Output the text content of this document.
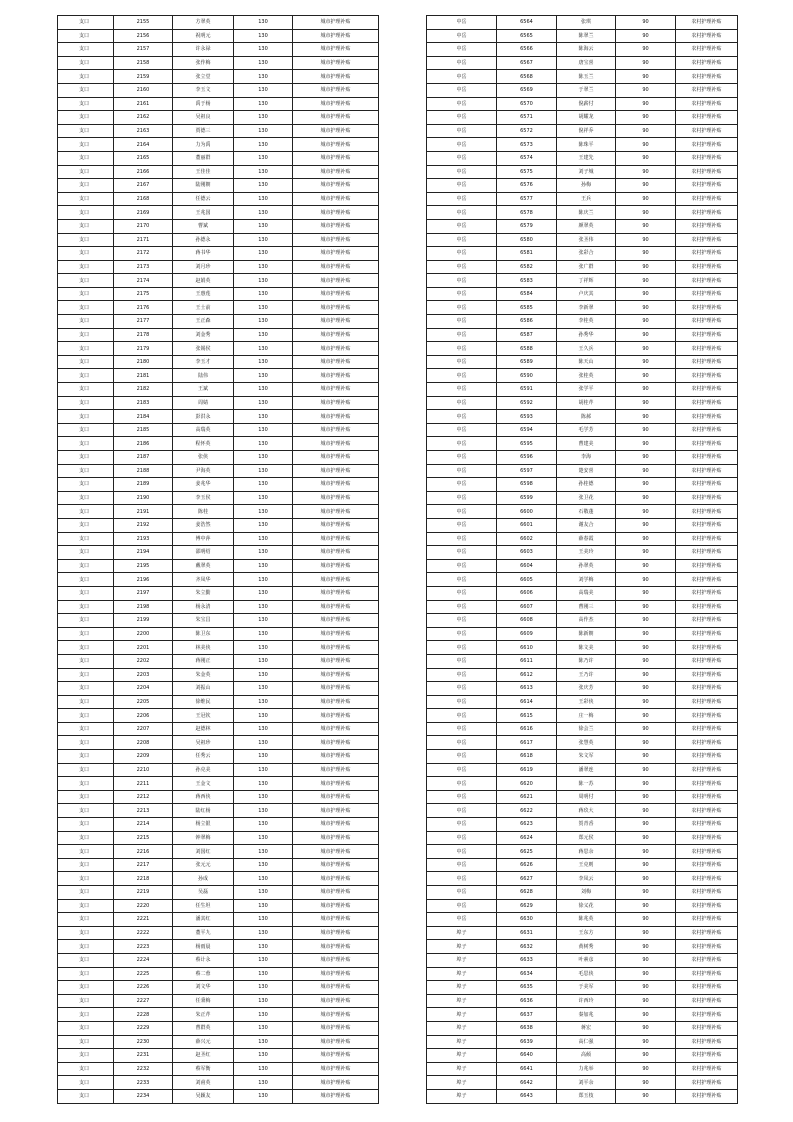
支口	2155	方翠英	130	城市护理补贴
支口	2156	祝明元	130	城市护理补贴
支口	2157	许永禄	130	城市护理补贴
支口	2158	张作梅	130	城市护理补贴
支口	2159	张立堂	130	城市护理补贴
支口	2160	李玉文	130	城市护理补贴
支口	2161	禹于杨	130	城市护理补贴
支口	2162	吴祖良	130	城市护理补贴
支口	2163	贾德三	130	城市护理补贴
支口	2164	力为禹	130	城市护理补贴
支口	2165	董丽群	130	城市护理补贴
支口	2166	王佳佳	130	城市护理补贴
支口	2167	陆刚朝	130	城市护理补贴
支口	2168	任德云	130	城市护理补贴
支口	2169	王兆国	130	城市护理补贴
支口	2170	曹斌	130	城市护理补贴
支口	2171	孙德永	130	城市护理补贴
支口	2172	蒋书华	130	城市护理补贴
支口	2173	刘月珍	130	城市护理补贴
支口	2174	赵娟英	130	城市护理补贴
支口	2175	王惠莲	130	城市护理补贴
支口	2176	王士前	130	城市护理补贴
支口	2177	王正森	130	城市护理补贴
支口	2178	刘金秀	130	城市护理补贴
支口	2179	张锡侯	130	城市护理补贴
支口	2180	李玉才	130	城市护理补贴
支口	2181	陆伟	130	城市护理补贴
支口	2182	王斌	130	城市护理补贴
支口	2183	周婧	130	城市护理补贴
支口	2184	彭洪永	130	城市护理补贴
支口	2185	高瑞英	130	城市护理补贴
支口	2186	程怀英	130	城市护理补贴
支口	2187	张侠	130	城市护理补贴
支口	2188	尹海英	130	城市护理补贴
支口	2189	姜兆华	130	城市护理补贴
支口	2190	李玉侯	130	城市护理补贴
支口	2191	陈桂	130	城市护理补贴
支口	2192	姜浩然	130	城市护理补贴
支口	2193	傅中萍	130	城市护理补贴
支口	2194	邵明绍	130	城市护理补贴
支口	2195	戴翠英	130	城市护理补贴
支口	2196	齐凤华	130	城市护理补贴
支口	2197	朱立勤	130	城市护理补贴
支口	2198	杨永清	130	城市护理补贴
支口	2199	朱宝昌	130	城市护理补贴
支口	2200	陈卫东	130	城市护理补贴
支口	2201	林美侠	130	城市护理补贴
支口	2202	蒋刚正	130	城市护理补贴
支口	2203	朱金英	130	城市护理补贴
支口	2204	刘振山	130	城市护理补贴
支口	2205	徐维民	130	城市护理补贴
支口	2206	王冠钦	130	城市护理补贴
支口	2207	赵德林	130	城市护理补贴
支口	2208	吴祖珍	130	城市护理补贴
支口	2209	任秀云	130	城市护理补贴
支口	2210	孙克美	130	城市护理补贴
支口	2211	王金文	130	城市护理补贴
支口	2212	蒋西侠	130	城市护理补贴
支口	2213	陆红杨	130	城市护理补贴
支口	2214	杨立银	130	城市护理补贴
支口	2215	钟翠梅	130	城市护理补贴
支口	2216	刘国红	130	城市护理补贴
支口	2217	张元元	130	城市护理补贴
支口	2218	孙成	130	城市护理补贴
支口	2219	吴磊	130	城市护理补贴
支口	2220	任生坦	130	城市护理补贴
支口	2221	潘其红	130	城市护理补贴
支口	2222	董平九	130	城市护理补贴
支口	2223	杨雨晨	130	城市护理补贴
支口	2224	蔡计永	130	城市护理补贴
支口	2225	蔡二蓉	130	城市护理补贴
支口	2226	刘文华	130	城市护理补贴
支口	2227	任秉梅	130	城市护理补贴
支口	2228	朱正芹	130	城市护理补贴
支口	2229	曹群英	130	城市护理补贴
支口	2230	薛兴元	130	城市护理补贴
支口	2231	赵圣红	130	城市护理补贴
支口	2232	蔡军衡	130	城市护理补贴
支口	2233	刘甫英	130	城市护理补贴
支口	2234	吴颖友	130	城市护理补贴
中岳	6564	张琪	90	农村护理补贴
中岳	6565	陈翠兰	90	农村护理补贴
中岳	6566	陈海云	90	农村护理补贴
中岳	6567	唐宝喜	90	农村护理补贴
中岳	6568	陈玉兰	90	农村护理补贴
中岳	6569	于翠兰	90	农村护理补贴
中岳	6570	倪薪付	90	农村护理补贴
中岳	6571	胡耀龙	90	农村护理补贴
中岳	6572	倪祥乔	90	农村护理补贴
中岳	6573	陈珠平	90	农村护理补贴
中岳	6574	王建先	90	农村护理补贴
中岳	6575	刘子城	90	农村护理补贴
中岳	6576	孙梅	90	农村护理补贴
中岳	6577	王兵	90	农村护理补贴
中岳	6578	陈庆兰	90	农村护理补贴
中岳	6579	颜翠英	90	农村护理补贴
中岳	6580	张圣伟	90	农村护理补贴
中岳	6581	张彩合	90	农村护理补贴
中岳	6582	张广群	90	农村护理补贴
中岳	6583	丁祥辉	90	农村护理补贴
中岳	6584	卢庆其	90	农村护理补贴
中岳	6585	李新翠	90	农村护理补贴
中岳	6586	李桂英	90	农村护理补贴
中岳	6587	孙秀华	90	农村护理补贴
中岳	6588	王久兵	90	农村护理补贴
中岳	6589	陈天山	90	农村护理补贴
中岳	6590	张桂英	90	农村护理补贴
中岳	6591	张学平	90	农村护理补贴
中岳	6592	胡桂芹	90	农村护理补贴
中岳	6593	陈郝	90	农村护理补贴
中岳	6594	毛学芳	90	农村护理补贴
中岳	6595	曹建美	90	农村护理补贴
中岳	6596	李海	90	农村护理补贴
中岳	6597	楚安喜	90	农村护理补贴
中岳	6598	孙桂德	90	农村护理补贴
中岳	6599	张卫花	90	农村护理补贴
中岳	6600	石敬蓬	90	农村护理补贴
中岳	6601	谢友合	90	农村护理补贴
中岳	6602	薛春霞	90	农村护理补贴
中岳	6603	王美玲	90	农村护理补贴
中岳	6604	孙翠英	90	农村护理补贴
中岳	6605	刘学梅	90	农村护理补贴
中岳	6606	高瑞美	90	农村护理补贴
中岳	6607	曹刚三	90	农村护理补贴
中岳	6608	高作杰	90	农村护理补贴
中岳	6609	陈新朝	90	农村护理补贴
中岳	6610	陈文美	90	农村护理补贴
中岳	6611	陈乃许	90	农村护理补贴
中岳	6612	王乃许	90	农村护理补贴
中岳	6613	张庆芳	90	农村护理补贴
中岳	6614	王彩侠	90	农村护理补贴
中岳	6615	庄一梅	90	农村护理补贴
中岳	6616	徐会兰	90	农村护理补贴
中岳	6617	张慧英	90	农村护理补贴
中岳	6618	朱文军	90	农村护理补贴
中岳	6619	潘翠连	90	农村护理补贴
中岳	6620	陈一苏	90	农村护理补贴
中岳	6621	周明付	90	农村护理补贴
中岳	6622	蒋玖大	90	农村护理补贴
中岳	6623	贺青香	90	农村护理补贴
中岳	6624	郑元侯	90	农村护理补贴
中岳	6625	蒋思余	90	农村护理补贴
中岳	6626	王克则	90	农村护理补贴
中岳	6627	李凤云	90	农村护理补贴
中岳	6628	刘梅	90	农村护理补贴
中岳	6629	徐义花	90	农村护理补贴
中岳	6630	陈兆英	90	农村护理补贴
埠子	6631	王东方	90	农村护理补贴
埠子	6632	黄树秀	90	农村护理补贴
埠子	6633	叶素彦	90	农村护理补贴
埠子	6634	毛思侠	90	农村护理补贴
埠子	6635	于美军	90	农村护理补贴
埠子	6636	许西玲	90	农村护理补贴
埠子	6637	秦加兆	90	农村护理补贴
埠子	6638	蒋宏	90	农村护理补贴
埠子	6639	高仁强	90	农村护理补贴
埠子	6640	高倾	90	农村护理补贴
埠子	6641	力兆举	90	农村护理补贴
埠子	6642	刘平余	90	农村护理补贴
埠子	6643	郑玉枝	90	农村护理补贴
